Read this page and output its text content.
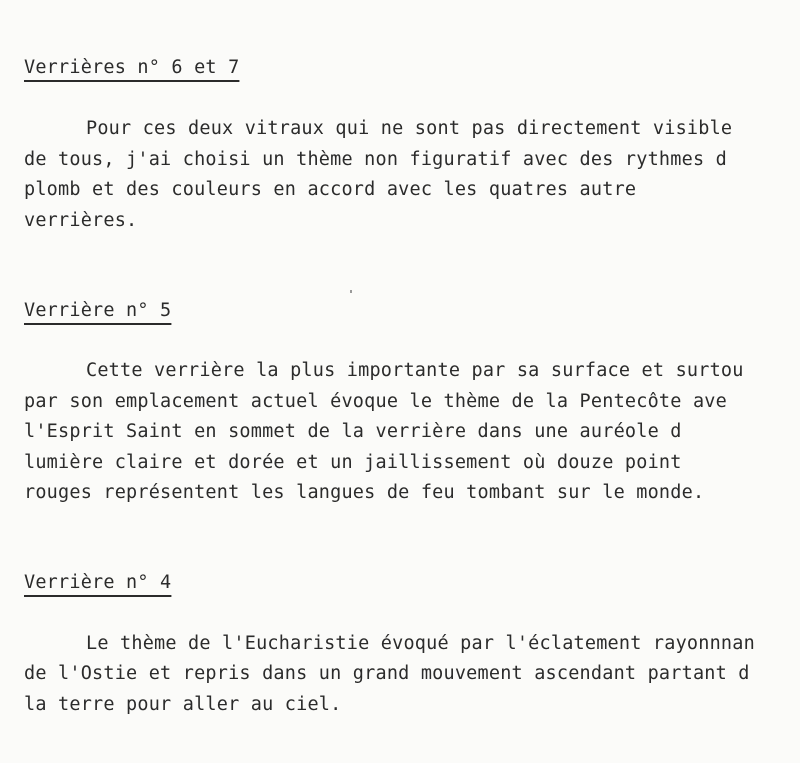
Verrières n° 6 et 7
Pour ces deux vitraux qui ne sont pas directement visible
de tous, j'ai choisi un thème non figuratif avec des rythmes d
plomb et des couleurs en accord avec les quatres autre
verrières.
Verrière n° 5
Cette verrière la plus importante par sa surface et surtou
par son emplacement actuel évoque le thème de la Pentecôte ave
l'Esprit Saint en sommet de la verrière dans une auréole d
lumière claire et dorée et un jaillissement où douze point
rouges représentent les langues de feu tombant sur le monde.
Verrière n° 4
Le thème de l'Eucharistie évoqué par l'éclatement rayonnnan
de l'Ostie et repris dans un grand mouvement ascendant partant d
la terre pour aller au ciel.
